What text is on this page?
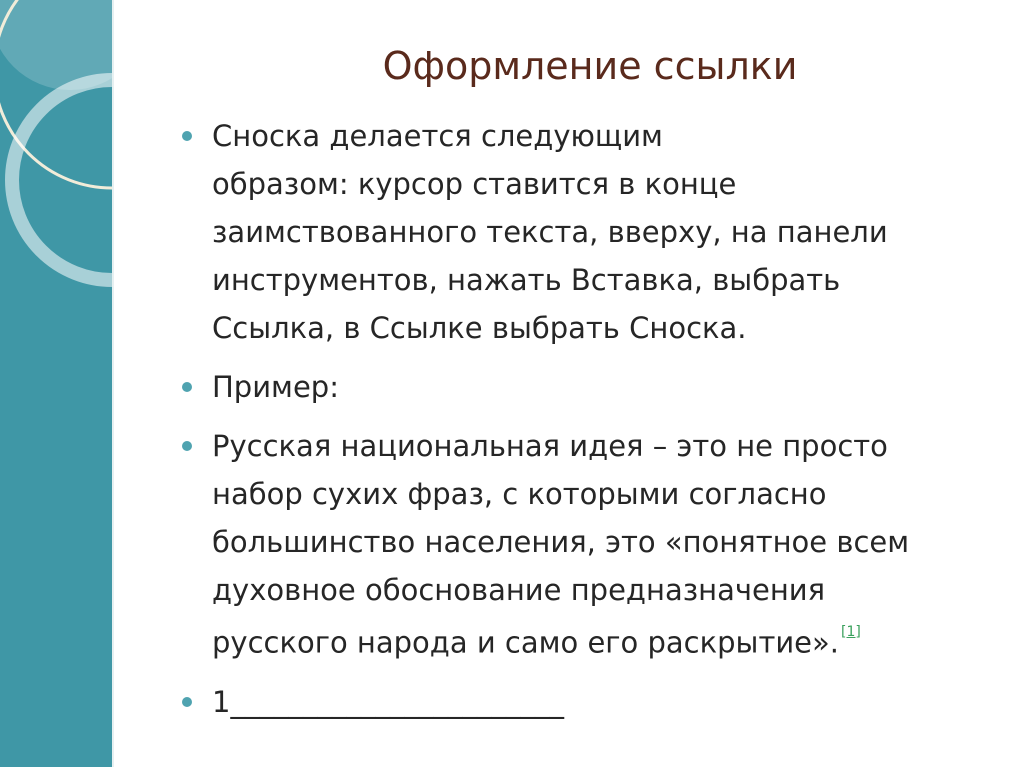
Оформление ссылки
Сноска делается следующим
образом: курсор ставится в конце
заимствованного текста, вверху, на панели
инструментов, нажать Вставка, выбрать
Ссылка, в Ссылке выбрать Сноска.
Пример:
Русская национальная идея – это не просто
набор сухих фраз, с которыми согласно
большинство населения, это «понятное всем
духовное обоснование предназначения
русского народа и само его раскрытие». [1]
1_______________________
